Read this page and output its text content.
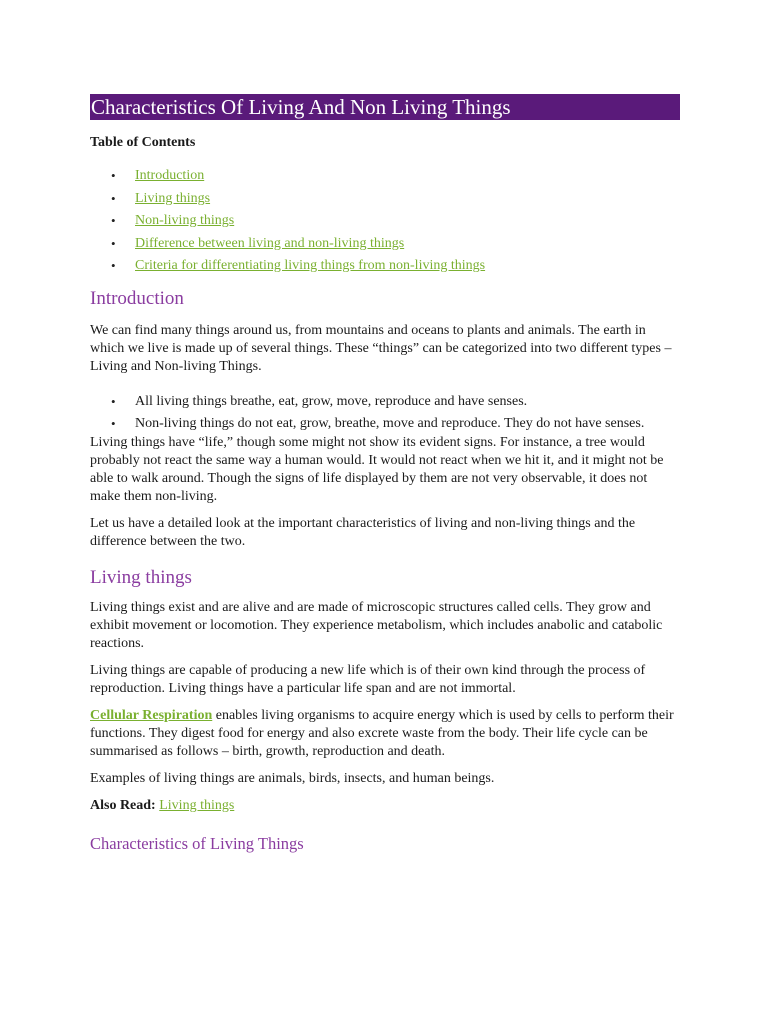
Characteristics Of Living And Non Living Things
Table of Contents
• Introduction
• Living things
• Non-living things
• Difference between living and non-living things
• Criteria for differentiating living things from non-living things
Introduction

We can find many things around us, from mountains and oceans to plants and animals. The earth in which we live is made up of several things. These “things” can be categorized into two different types – Living and Non-living Things.

• All living things breathe, eat, grow, move, reproduce and have senses.
• Non-living things do not eat, grow, breathe, move and reproduce. They do not have senses.

Living things have “life,” though some might not show its evident signs. For instance, a tree would probably not react the same way a human would. It would not react when we hit it, and it might not be able to walk around. Though the signs of life displayed by them are not very observable, it does not make them non-living.

Let us have a detailed look at the important characteristics of living and non-living things and the difference between the two.

Living things

Living things exist and are alive and are made of microscopic structures called cells. They grow and exhibit movement or locomotion. They experience metabolism, which includes anabolic and catabolic reactions.

Living things are capable of producing a new life which is of their own kind through the process of reproduction. Living things have a particular life span and are not immortal.

Cellular Respiration enables living organisms to acquire energy which is used by cells to perform their functions. They digest food for energy and also excrete waste from the body. Their life cycle can be summarised as follows – birth, growth, reproduction and death.

Examples of living things are animals, birds, insects, and human beings.

Also Read: Living things

Characteristics of Living Things
